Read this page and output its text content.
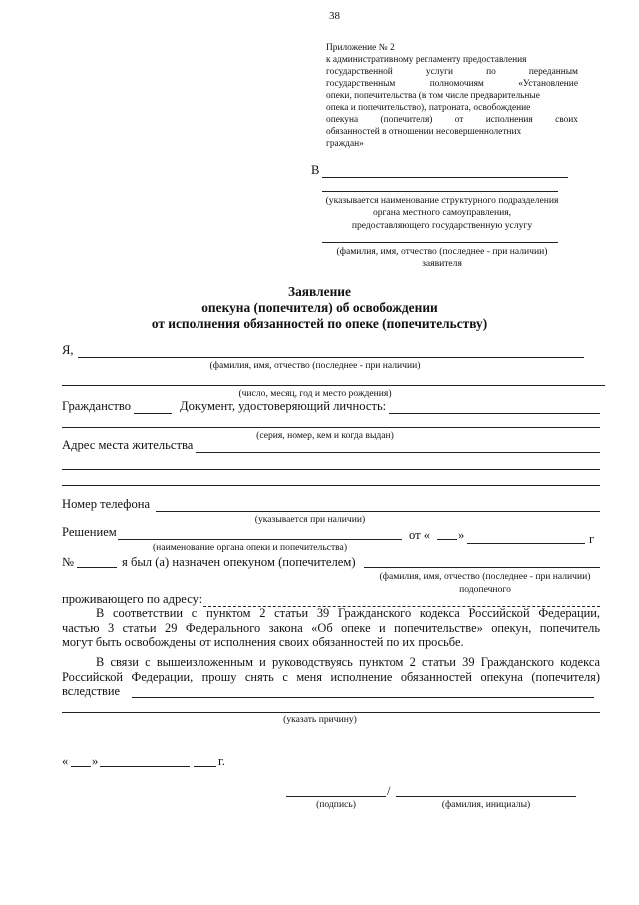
38
Приложение № 2
к административному регламенту предоставления
государственной услуги по переданным
государственным полномочиям «Установление
опеки, попечительства (в том числе предварительные
опека и попечительство), патроната, освобождение
опекуна (попечителя) от исполнения своих
обязанностей в отношении несовершеннолетних
граждан»
В
(указывается наименование структурного подразделения
органа местного самоуправления,
предоставляющего государственную услугу
(фамилия, имя, отчество (последнее - при наличии)
заявителя
Заявление
опекуна (попечителя) об освобождении
от исполнения обязанностей по опеке (попечительству)
Я,
(фамилия, имя, отчество (последнее - при наличии)
(число, месяц, год и место рождения)
Гражданство	Документ, удостоверяющий личность:
(серия, номер, кем и когда выдан)
Адрес места жительства
Номер телефона
(указывается при наличии)
Решением	от « »	г
(наименование органа опеки и попечительства)
№	я был (а) назначен опекуном (попечителем)
(фамилия, имя, отчество (последнее - при наличии)
подопечного
проживающего по адресу:
В соответствии с пунктом 2 статьи 39 Гражданского кодекса Российской Федерации,
частью 3 статьи 29 Федерального закона «Об опеке и попечительстве» опекун, попечитель
могут быть освобождены от исполнения своих обязанностей по их просьбе.
В связи с вышеизложенным и руководствуясь пунктом 2 статьи 39 Гражданского кодекса
Российской Федерации, прошу снять с меня исполнение обязанностей опекуна (попечителя)
вследствие
(указать причину)
« »	г.
/
(подпись)	(фамилия, инициалы)
